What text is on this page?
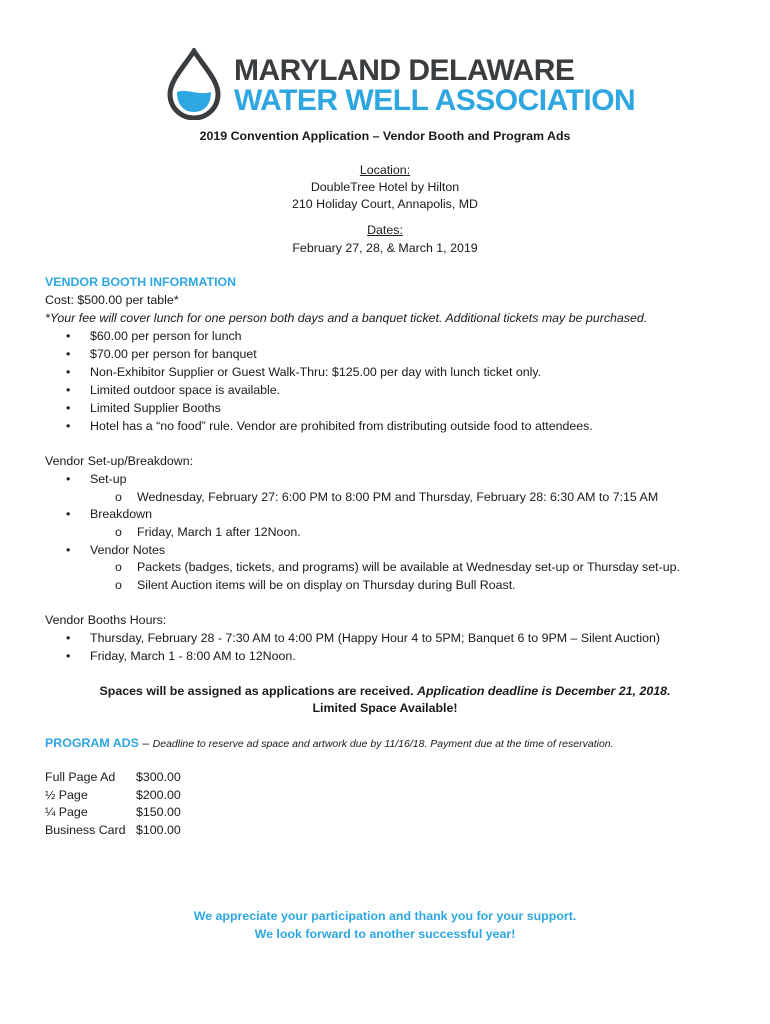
MARYLAND DELAWARE
WATER WELL ASSOCIATION
2019 Convention Application – Vendor Booth and Program Ads
Location:
DoubleTree Hotel by Hilton
210 Holiday Court, Annapolis, MD
Dates:
February 27, 28, & March 1, 2019
VENDOR BOOTH INFORMATION
Cost: $500.00 per table*
*Your fee will cover lunch for one person both days and a banquet ticket. Additional tickets may be purchased.
• $60.00 per person for lunch
• $70.00 per person for banquet
• Non-Exhibitor Supplier or Guest Walk-Thru: $125.00 per day with lunch ticket only.
• Limited outdoor space is available.
• Limited Supplier Booths
• Hotel has a “no food” rule. Vendor are prohibited from distributing outside food to attendees.
Vendor Set-up/Breakdown:
• Set-up
o Wednesday, February 27: 6:00 PM to 8:00 PM and Thursday, February 28: 6:30 AM to 7:15 AM
• Breakdown
o Friday, March 1 after 12Noon.
• Vendor Notes
o Packets (badges, tickets, and programs) will be available at Wednesday set-up or Thursday set-up.
o Silent Auction items will be on display on Thursday during Bull Roast.
Vendor Booths Hours:
• Thursday, February 28 - 7:30 AM to 4:00 PM (Happy Hour 4 to 5PM; Banquet 6 to 9PM – Silent Auction)
• Friday, March 1 - 8:00 AM to 12Noon.
Spaces will be assigned as applications are received. Application deadline is December 21, 2018.
Limited Space Available!
PROGRAM ADS – Deadline to reserve ad space and artwork due by 11/16/18. Payment due at the time of reservation.
Full Page Ad $300.00
½ Page	$200.00
¼ Page	$150.00
Business Card $100.00
We appreciate your participation and thank you for your support.
We look forward to another successful year!
